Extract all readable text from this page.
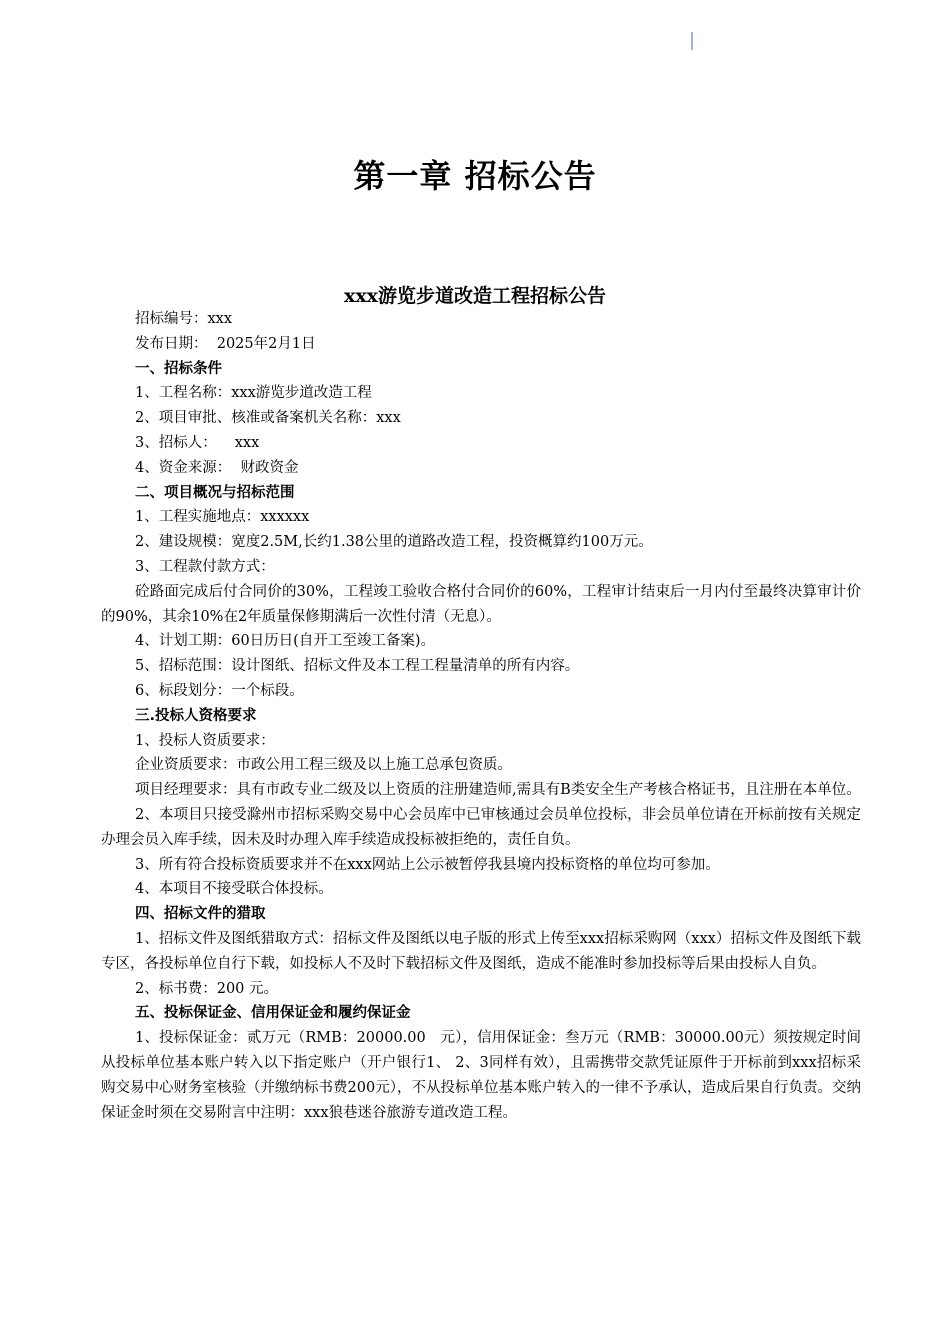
第一章 招标公告
xxx游览步道改造工程招标公告

招标编号：xxx

发布日期： 2025年2月1日

一、招标条件

1、工程名称：xxx游览步道改造工程

2、项目审批、核准或备案机关名称：xxx

3、招标人： xxx

4、资金来源： 财政资金

二、项目概况与招标范围

1、工程实施地点：xxxxxx

2、建设规模：宽度2.5M,长约1.38公里的道路改造工程，投资概算约100万元。

3、工程款付款方式：

砼路面完成后付合同价的30%，工程竣工验收合格付合同价的60%，工程审计结束后一月内付至最终决算审计价的90%，其余10%在2年质量保修期满后一次性付清（无息）。

4、计划工期：60日历日(自开工至竣工备案)。

5、招标范围：设计图纸、招标文件及本工程工程量清单的所有内容。

6、标段划分：一个标段。

三.投标人资格要求

1、投标人资质要求：

企业资质要求：市政公用工程三级及以上施工总承包资质。

项目经理要求：具有市政专业二级及以上资质的注册建造师,需具有B类安全生产考核合格证书，且注册在本单位。

2、本项目只接受滁州市招标采购交易中心会员库中已审核通过会员单位投标，非会员单位请在开标前按有关规定办理会员入库手续，因未及时办理入库手续造成投标被拒绝的，责任自负。

3、所有符合投标资质要求并不在xxx网站上公示被暂停我县境内投标资格的单位均可参加。

4、本项目不接受联合体投标。

四、招标文件的猎取

1、招标文件及图纸猎取方式：招标文件及图纸以电子版的形式上传至xxx招标采购网（xxx）招标文件及图纸下载专区，各投标单位自行下载，如投标人不及时下载招标文件及图纸，造成不能准时参加投标等后果由投标人自负。

2、标书费：200 元。

五、投标保证金、信用保证金和履约保证金

1、投标保证金：贰万元（RMB：20000.00　元），信用保证金：叁万元（RMB：30000.00元）须按规定时间从投标单位基本账户转入以下指定账户（开户银行1、 2、3同样有效），且需携带交款凭证原件于开标前到xxx招标采购交易中心财务室核验（并缴纳标书费200元），不从投标单位基本账户转入的一律不予承认，造成后果自行负责。交纳保证金时须在交易附言中注明：xxx狼巷迷谷旅游专道改造工程。
